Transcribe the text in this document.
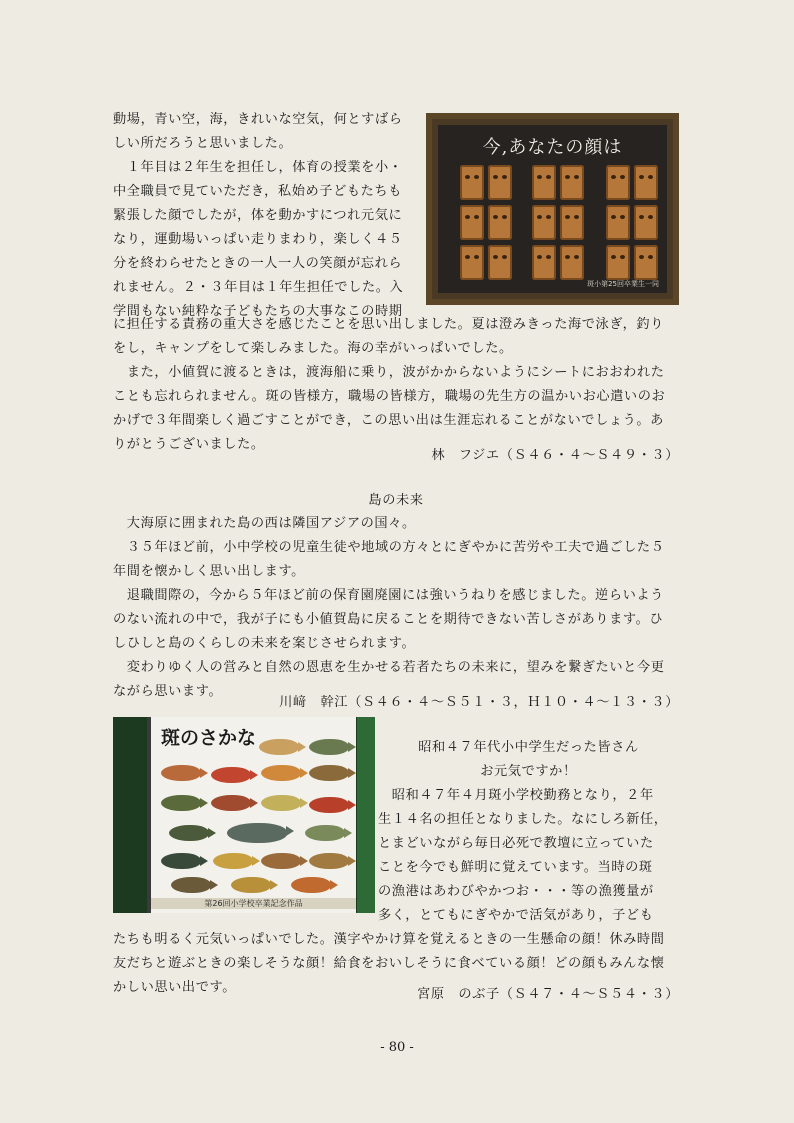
動場，青い空，海，きれいな空気，何とすばら
しい所だろうと思いました。
　１年目は２年生を担任し，体育の授業を小・
中全職員で見ていただき，私始め子どもたちも
緊張した顔でしたが，体を動かすにつれ元気に
なり，運動場いっぱい走りまわり，楽しく４５
分を終わらせたときの一人一人の笑顔が忘れら
れません。２・３年目は１年生担任でした。入
学間もない純粋な子どもたちの大事なこの時期
今,あなたの顔は
斑小第25回卒業生一同
に担任する責務の重大さを感じたことを思い出しました。夏は澄みきった海で泳ぎ，釣り
をし，キャンプをして楽しみました。海の幸がいっぱいでした。
　また，小値賀に渡るときは，渡海船に乗り，波がかからないようにシートにおおわれた
ことも忘れられません。斑の皆様方，職場の皆様方，職場の先生方の温かいお心遣いのお
かげで３年間楽しく過ごすことができ，この思い出は生涯忘れることがないでしょう。あ
りがとうございました。
林　フジエ（Ｓ４６・４～Ｓ４９・３）
島の未来
　大海原に囲まれた島の西は隣国アジアの国々。
　３５年ほど前，小中学校の児童生徒や地域の方々とにぎやかに苦労や工夫で過ごした５
年間を懐かしく思い出します。
　退職間際の，今から５年ほど前の保育園廃園には強いうねりを感じました。逆らいよう
のない流れの中で，我が子にも小値賀島に戻ることを期待できない苦しさがあります。ひ
しひしと島のくらしの未来を案じさせられます。
　変わりゆく人の営みと自然の恩恵を生かせる若者たちの未来に，望みを繋ぎたいと今更
ながら思います。
川﨑　幹江（Ｓ４６・４～Ｓ５１・３，Ｈ１０・４～１３・３）
斑のさかな
第26回小学校卒業記念作品
昭和４７年代小中学生だった皆さん
お元気ですか！
　昭和４７年４月斑小学校勤務となり，２年
生１４名の担任となりました。なにしろ新任，
とまどいながら毎日必死で教壇に立っていた
ことを今でも鮮明に覚えています。当時の斑
の漁港はあわびやかつお・・・等の漁獲量が
多く，とてもにぎやかで活気があり，子ども
たちも明るく元気いっぱいでした。漢字やかけ算を覚えるときの一生懸命の顔！休み時間
友だちと遊ぶときの楽しそうな顔！給食をおいしそうに食べている顔！どの顔もみんな懐
かしい思い出です。	宮原　のぶ子（Ｓ４７・４～Ｓ５４・３）
- 80 -
